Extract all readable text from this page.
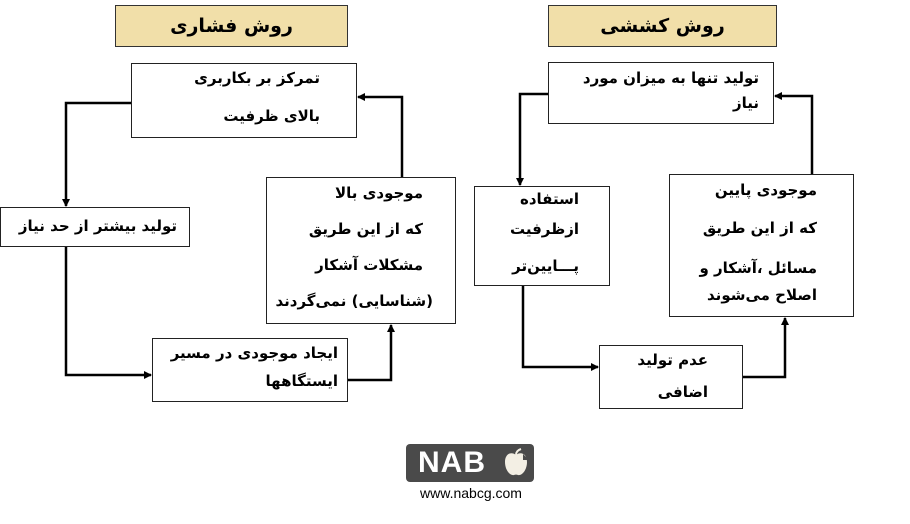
روش فشاری	روش کششی
تمرکز بر بکاربری
بالای ظرفیت
تولید بیشتر از حد نیاز
ایجاد موجودی در مسیر
ایستگاهها
موجودی بالا
که از این طریق
مشکلات آشکار
(شناسایی) نمی‌گردند
تولید تنها به میزان مورد
نیاز
استفاده
ازظرفیت
پـــایین‌تر
عدم تولید
اضافی
موجودی پایین
که از این طریق
مسائل ،آشکار و
اصلاح می‌شوند
NAB
www.nabcg.com
